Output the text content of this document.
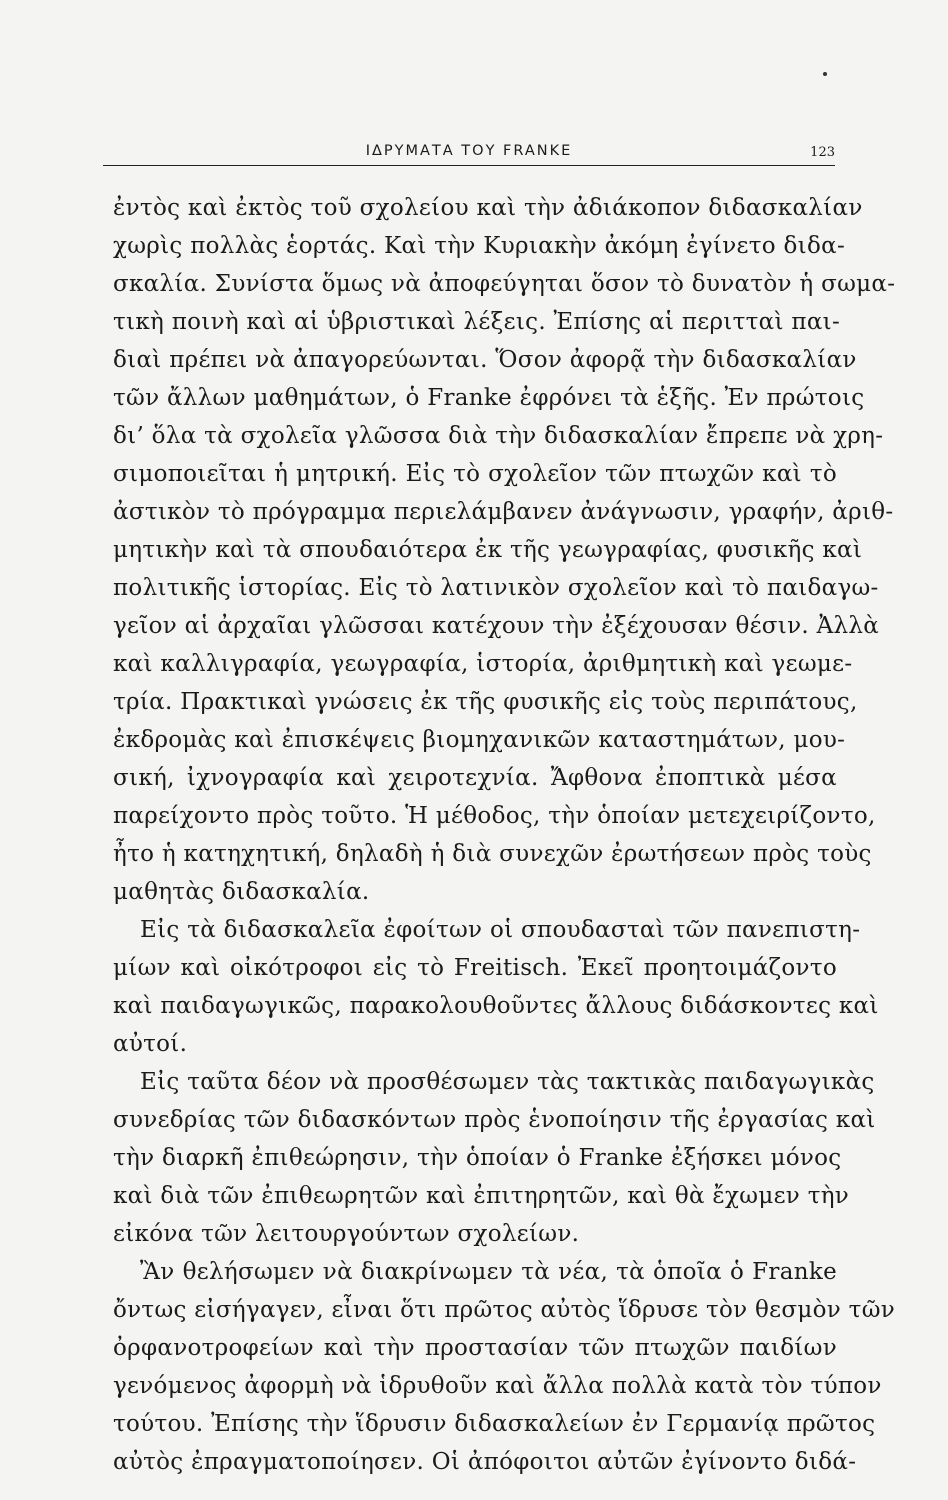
ΙΔΡΥΜΑΤΑ ΤΟΥ FRANKE	123
ἐντὸς καὶ ἐκτὸς τοῦ σχολείου καὶ τὴν ἀδιάκοπον διδασκαλίαν
χωρὶς πολλὰς ἑορτάς. Καὶ τὴν Κυριακὴν ἀκόμη ἐγίνετο διδα-
σκαλία. Συνίστα ὅμως νὰ ἀποφεύγηται ὅσον τὸ δυνατὸν ἡ σωμα-
τικὴ ποινὴ καὶ αἱ ὑβριστικαὶ λέξεις. Ἐπίσης αἱ περιτταὶ παι-
διαὶ πρέπει νὰ ἀπαγορεύωνται. Ὅσον ἀφορᾷ τὴν διδασκαλίαν
τῶν ἄλλων μαθημάτων, ὁ Franke ἐφρόνει τὰ ἑξῆς. Ἐν πρώτοις
δι’ ὅλα τὰ σχολεῖα γλῶσσα διὰ τὴν διδασκαλίαν ἔπρεπε νὰ χρη-
σιμοποιεῖται ἡ μητρική. Εἰς τὸ σχολεῖον τῶν πτωχῶν καὶ τὸ
ἀστικὸν τὸ πρόγραμμα περιελάμβανεν ἀνάγνωσιν, γραφήν, ἀριθ-
μητικὴν καὶ τὰ σπουδαιότερα ἐκ τῆς γεωγραφίας, φυσικῆς καὶ
πολιτικῆς ἱστορίας. Εἰς τὸ λατινικὸν σχολεῖον καὶ τὸ παιδαγω-
γεῖον αἱ ἀρχαῖαι γλῶσσαι κατέχουν τὴν ἐξέχουσαν θέσιν. Ἀλλὰ
καὶ καλλιγραφία, γεωγραφία, ἱστορία, ἀριθμητικὴ καὶ γεωμε-
τρία. Πρακτικαὶ γνώσεις ἐκ τῆς φυσικῆς εἰς τοὺς περιπάτους,
ἐκδρομὰς καὶ ἐπισκέψεις βιομηχανικῶν καταστημάτων, μου-
σική, ἰχνογραφία καὶ χειροτεχνία. Ἄφθονα ἐποπτικὰ μέσα
παρείχοντο πρὸς τοῦτο. Ἡ μέθοδος, τὴν ὁποίαν μετεχειρίζοντο,
ἦτο ἡ κατηχητική, δηλαδὴ ἡ διὰ συνεχῶν ἐρωτήσεων πρὸς τοὺς
μαθητὰς διδασκαλία.
Εἰς τὰ διδασκαλεῖα ἐφοίτων οἱ σπουδασταὶ τῶν πανεπιστη-
μίων καὶ οἰκότροφοι εἰς τὸ Freitisch. Ἐκεῖ προητοιμάζοντο
καὶ παιδαγωγικῶς, παρακολουθοῦντες ἄλλους διδάσκοντες καὶ
αὐτοί.
Εἰς ταῦτα δέον νὰ προσθέσωμεν τὰς τακτικὰς παιδαγωγικὰς
συνεδρίας τῶν διδασκόντων πρὸς ἑνοποίησιν τῆς ἐργασίας καὶ
τὴν διαρκῆ ἐπιθεώρησιν, τὴν ὁποίαν ὁ Franke ἐξήσκει μόνος
καὶ διὰ τῶν ἐπιθεωρητῶν καὶ ἐπιτηρητῶν, καὶ θὰ ἔχωμεν τὴν
εἰκόνα τῶν λειτουργούντων σχολείων.
Ἂν θελήσωμεν νὰ διακρίνωμεν τὰ νέα, τὰ ὁποῖα ὁ Franke
ὄντως εἰσήγαγεν, εἶναι ὅτι πρῶτος αὐτὸς ἵδρυσε τὸν θεσμὸν τῶν
ὀρφανοτροφείων καὶ τὴν προστασίαν τῶν πτωχῶν παιδίων
γενόμενος ἀφορμὴ νὰ ἱδρυθοῦν καὶ ἄλλα πολλὰ κατὰ τὸν τύπον
τούτου. Ἐπίσης τὴν ἵδρυσιν διδασκαλείων ἐν Γερμανίᾳ πρῶτος
αὐτὸς ἐπραγματοποίησεν. Οἱ ἀπόφοιτοι αὐτῶν ἐγίνοντο διδά-
